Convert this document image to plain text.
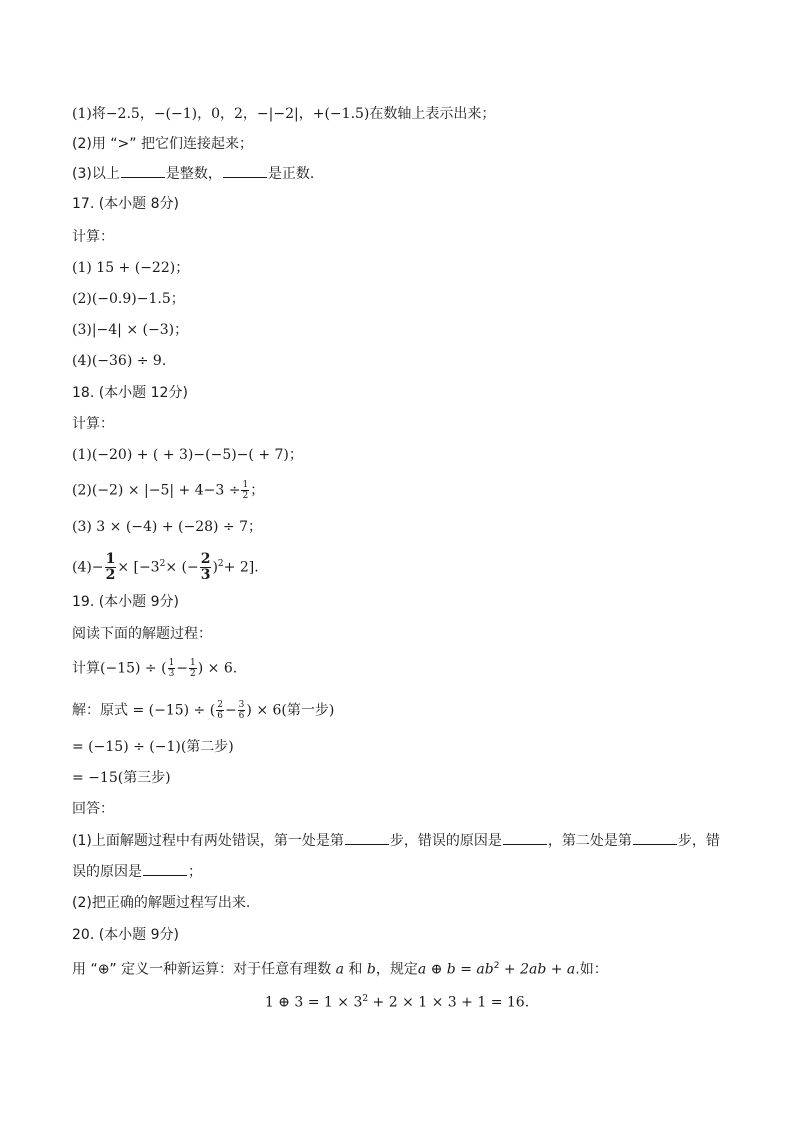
(1)将−2.5，−(−1)，0，2，−|−2|，+(−1.5)在数轴上表示出来；
(2)用 “>” 把它们连接起来；
(3)以上	是整数，	是正数.
17. (本小题 8分)
计算：
(1) 15 + (−22)；
(2)(−0.9)−1.5；
(3)|−4| × (−3)；
(4)(−36) ÷ 9.
18. (本小题 12分)
计算：
(1)(−20) + ( + 3)−(−5)−( + 7)；
$(2)(-2) \times |-5| + 4-3 \div \frac{1}{2}$ ；
(3) 3 × (−4) + (−28) ÷ 7；
$(4)- \frac{1}{2} \times [-3^2\times$ (− $\frac{2}{3} )^2+ 2$].
19. (本小题 9分)
阅读下面的解题过程：
计算(−15) ÷ ( $\frac{1}{3} - \frac{1}{2}$ ) × 6.
解：原式 = (−15) ÷ ( $\frac{2}{6} - \frac{3}{6}$ ) × 6(第一步)
= (−15) ÷ (−1)(第二步)
= −15(第三步)
回答：
(1)上面解题过程中有两处错误，第一处是第	步，错误的原因是	，第二处是第	步，错
误的原因是	；
(2)把正确的解题过程写出来.
20. (本小题 9分)
用 “⊕” 定义一种新运算：对于任意有理数 a 和 b，规定a ⊕ $b = ab^2 + 2ab + a$.如：
1 ⊕ $3 = 1 \times 3^2 + 2 \times 1 \times 3 + 1 = 16$.
